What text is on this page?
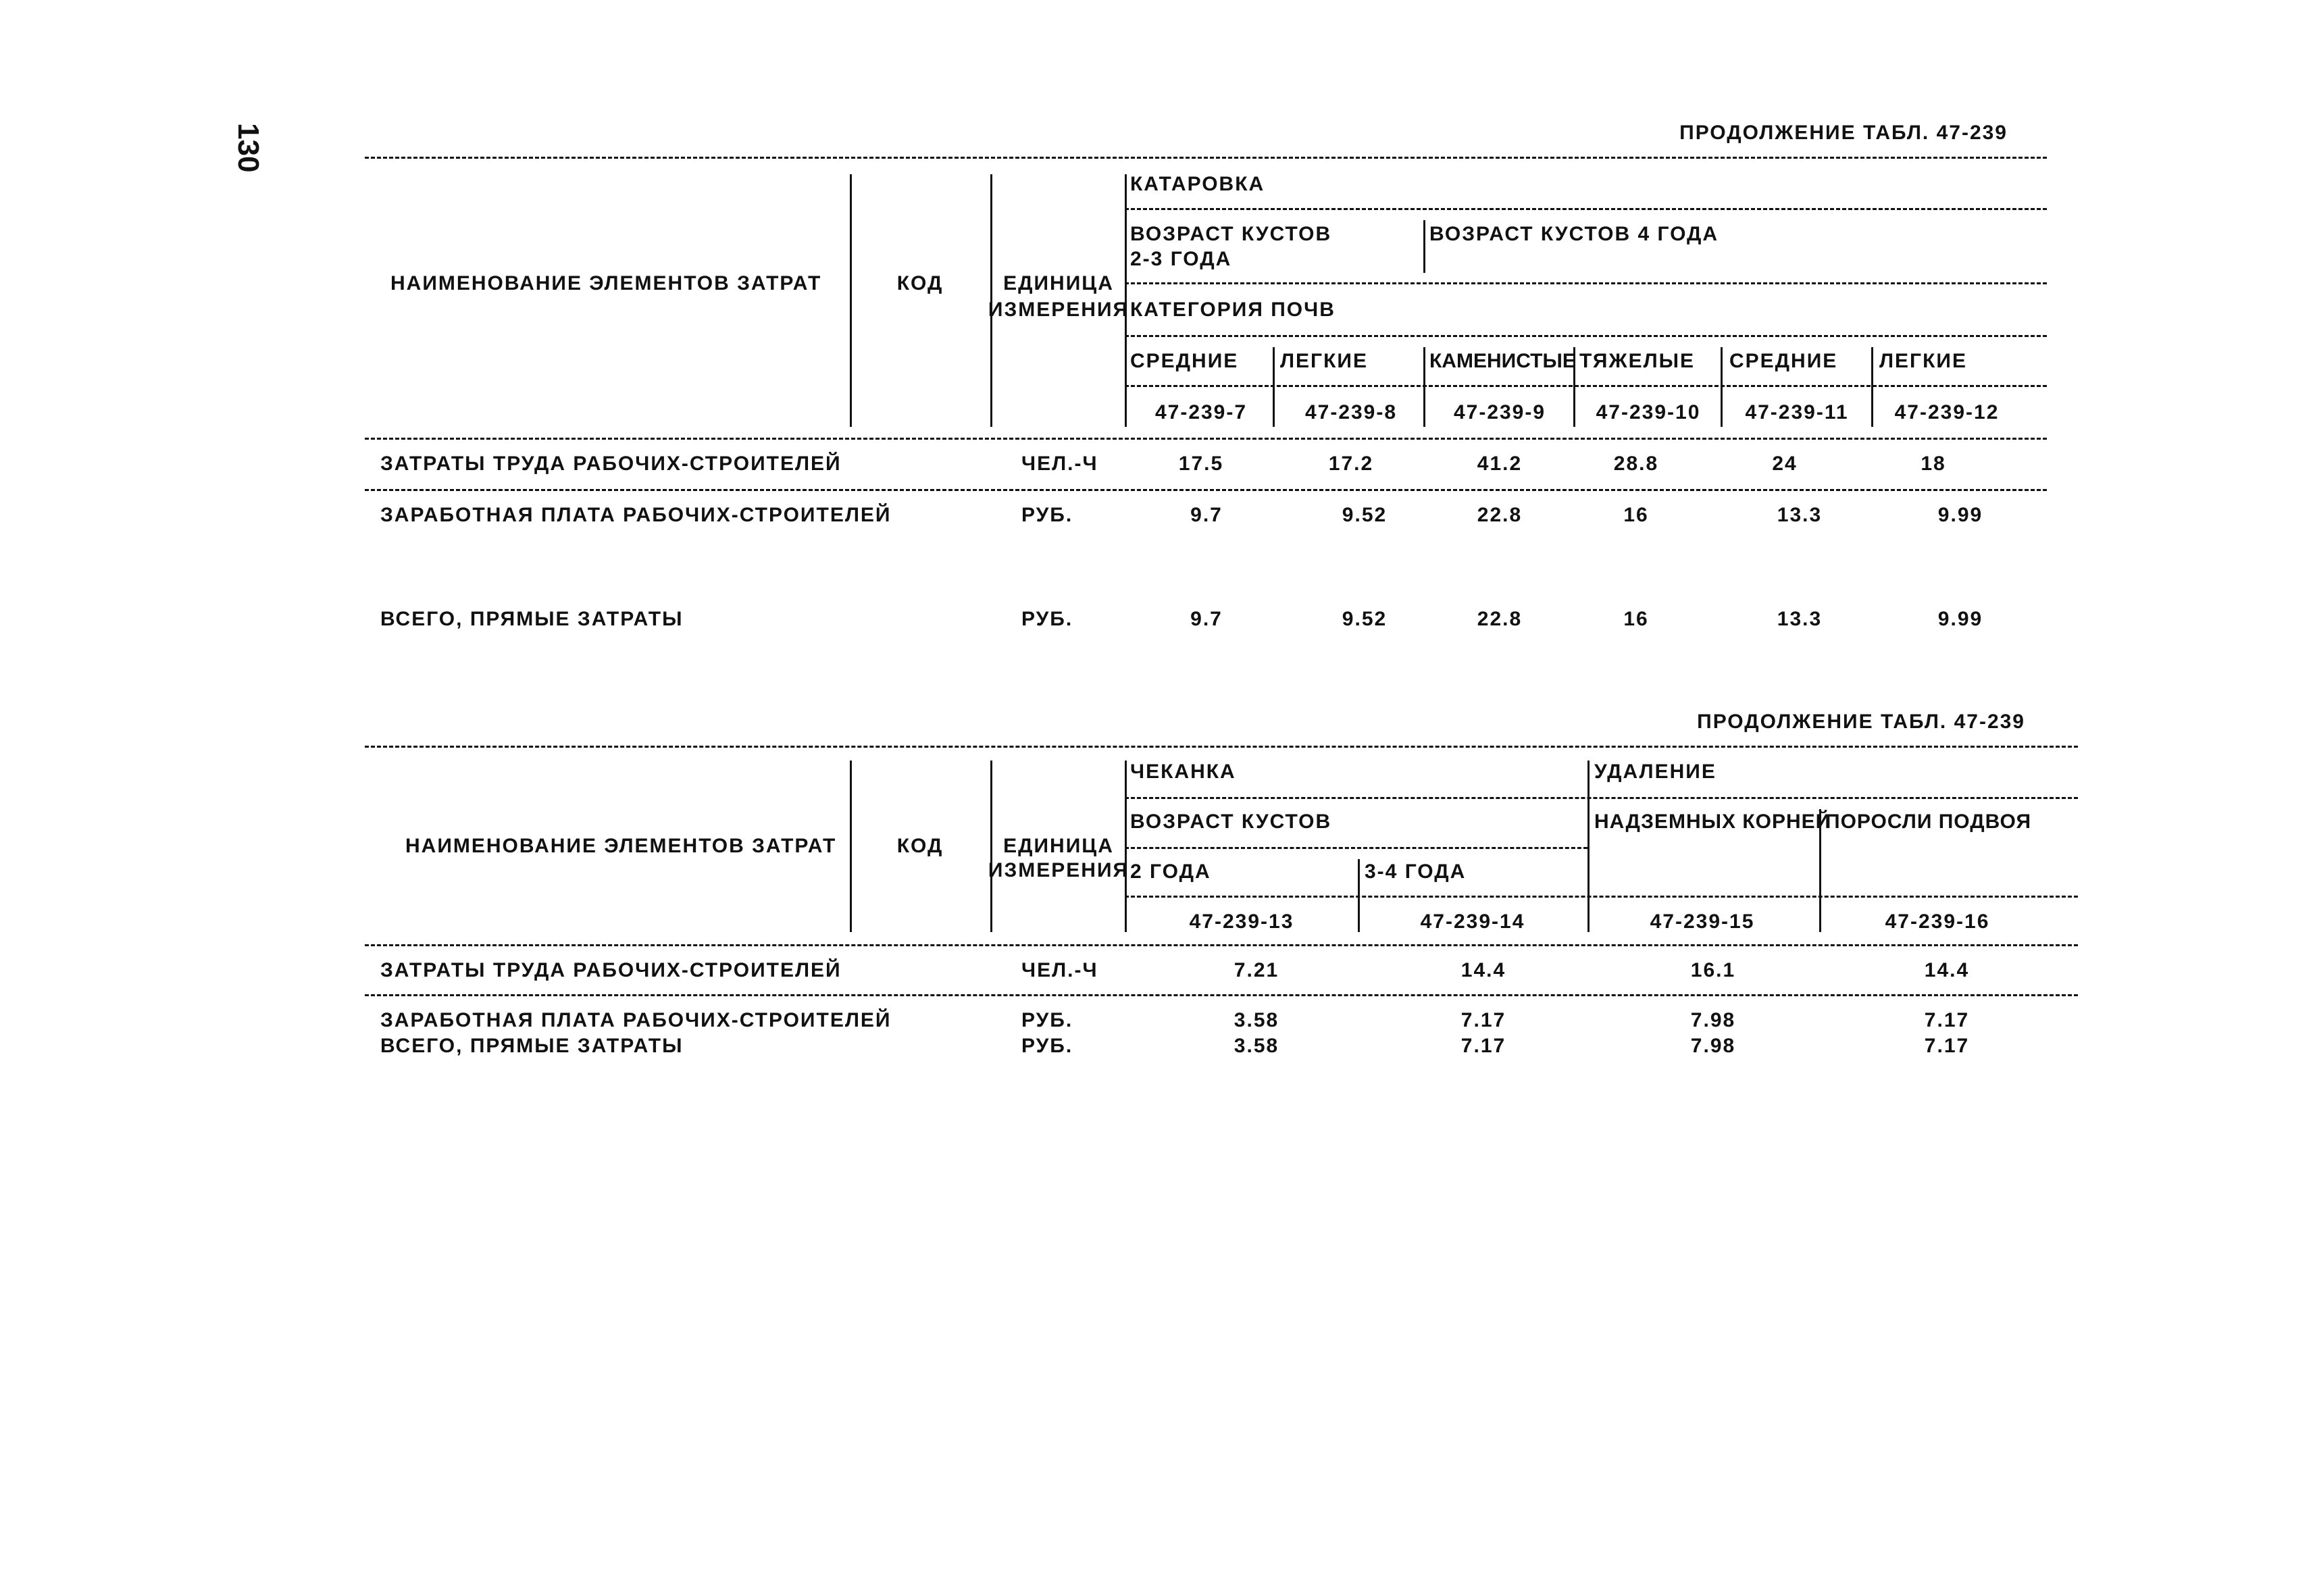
130	ПРОДОЛЖЕНИЕ ТАБЛ. 47-239
НАИМЕНОВАНИЕ ЭЛЕМЕНТОВ ЗАТРАТ	КОД	ЕДИНИЦА
ИЗМЕРЕНИЯ
КАТАРОВКА
ВОЗРАСТ КУСТОВ
2-3 ГОДА
ВОЗРАСТ КУСТОВ 4 ГОДА
КАТЕГОРИЯ ПОЧВ
СРЕДНИЕ ЛЕГКИЕ	КАМЕНИСТЫЕ ТЯЖЕЛЫЕ СРЕДНИЕ ЛЕГКИЕ
47-239-7	47-239-8	47-239-9 47-239-10 47-239-11 47-239-12
ЗАТРАТЫ ТРУДА РАБОЧИХ-СТРОИТЕЛЕЙ	ЧЕЛ.-Ч	17.5	17.2	41.2	28.8	24	18
ЗАРАБОТНАЯ ПЛАТА РАБОЧИХ-СТРОИТЕЛЕЙ	РУБ.	9.7	9.52	22.8	16	13.3	9.99
ВСЕГО, ПРЯМЫЕ ЗАТРАТЫ	РУБ.	9.7	9.52	22.8	16	13.3	9.99
ПРОДОЛЖЕНИЕ ТАБЛ. 47-239
НАИМЕНОВАНИЕ ЭЛЕМЕНТОВ ЗАТРАТ	КОД	ЕДИНИЦА
ИЗМЕРЕНИЯ
ЧЕКАНКА	УДАЛЕНИЕ
ВОЗРАСТ КУСТОВ	НАДЗЕМНЫХ КОРНЕЙ
ПОРОСЛИ ПОДВОЯ
2 ГОДА	3-4 ГОДА
47-239-13	47-239-14	47-239-15	47-239-16
ЗАТРАТЫ ТРУДА РАБОЧИХ-СТРОИТЕЛЕЙ	ЧЕЛ.-Ч	7.21	14.4	16.1	14.4
ЗАРАБОТНАЯ ПЛАТА РАБОЧИХ-СТРОИТЕЛЕЙ	РУБ.	3.58	7.17	7.98	7.17
ВСЕГО, ПРЯМЫЕ ЗАТРАТЫ	РУБ.	3.58	7.17	7.98	7.17
